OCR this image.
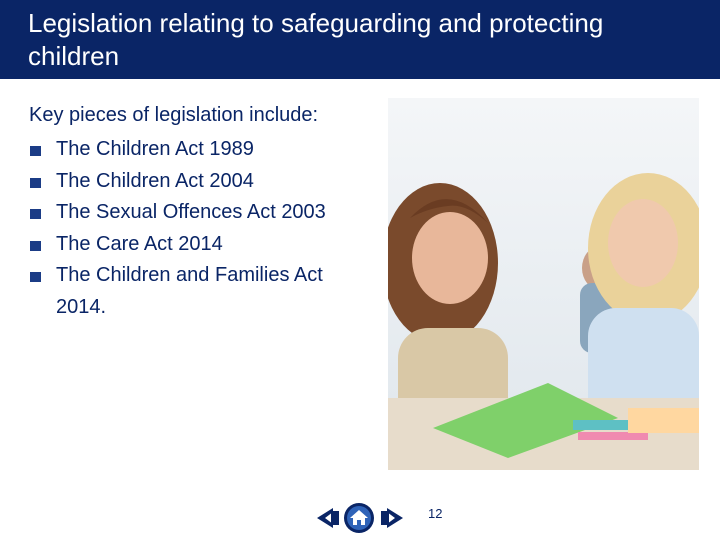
Legislation relating to safeguarding and protecting children
Key pieces of legislation include:
The Children Act 1989
The Children Act 2004
The Sexual Offences Act 2003
The Care Act 2014
The Children and Families Act 2014.
12
